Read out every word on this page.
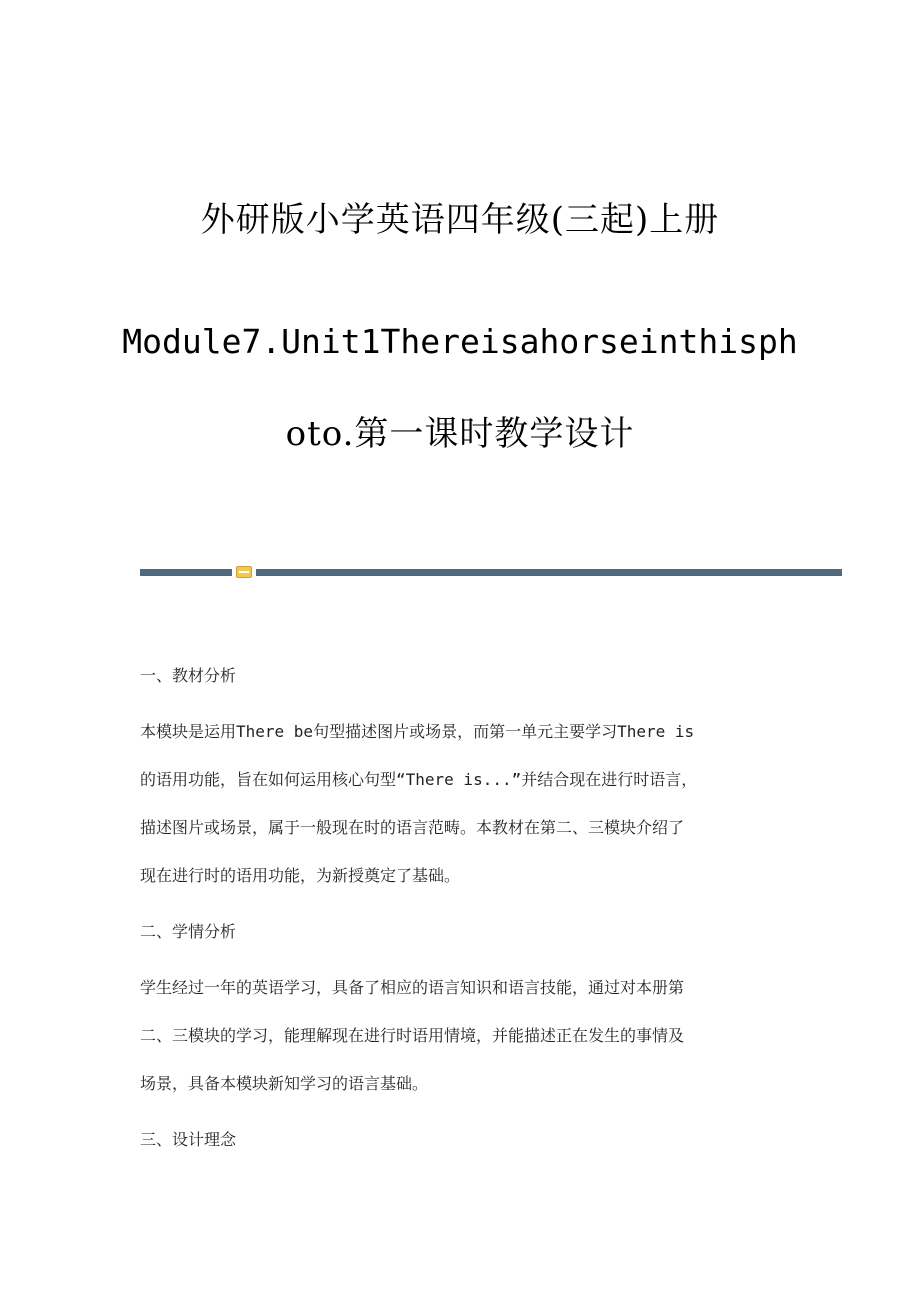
外研版小学英语四年级(三起)上册
Module7.Unit1Thereisahorseinthisph
oto.第一课时教学设计
一、教材分析

本模块是运用There be句型描述图片或场景，而第一单元主要学习There is

的语用功能，旨在如何运用核心句型“There is...”并结合现在进行时语言，

描述图片或场景，属于一般现在时的语言范畴。本教材在第二、三模块介绍了

现在进行时的语用功能，为新授奠定了基础。

二、学情分析

学生经过一年的英语学习，具备了相应的语言知识和语言技能，通过对本册第

二、三模块的学习，能理解现在进行时语用情境，并能描述正在发生的事情及

场景，具备本模块新知学习的语言基础。

三、设计理念
